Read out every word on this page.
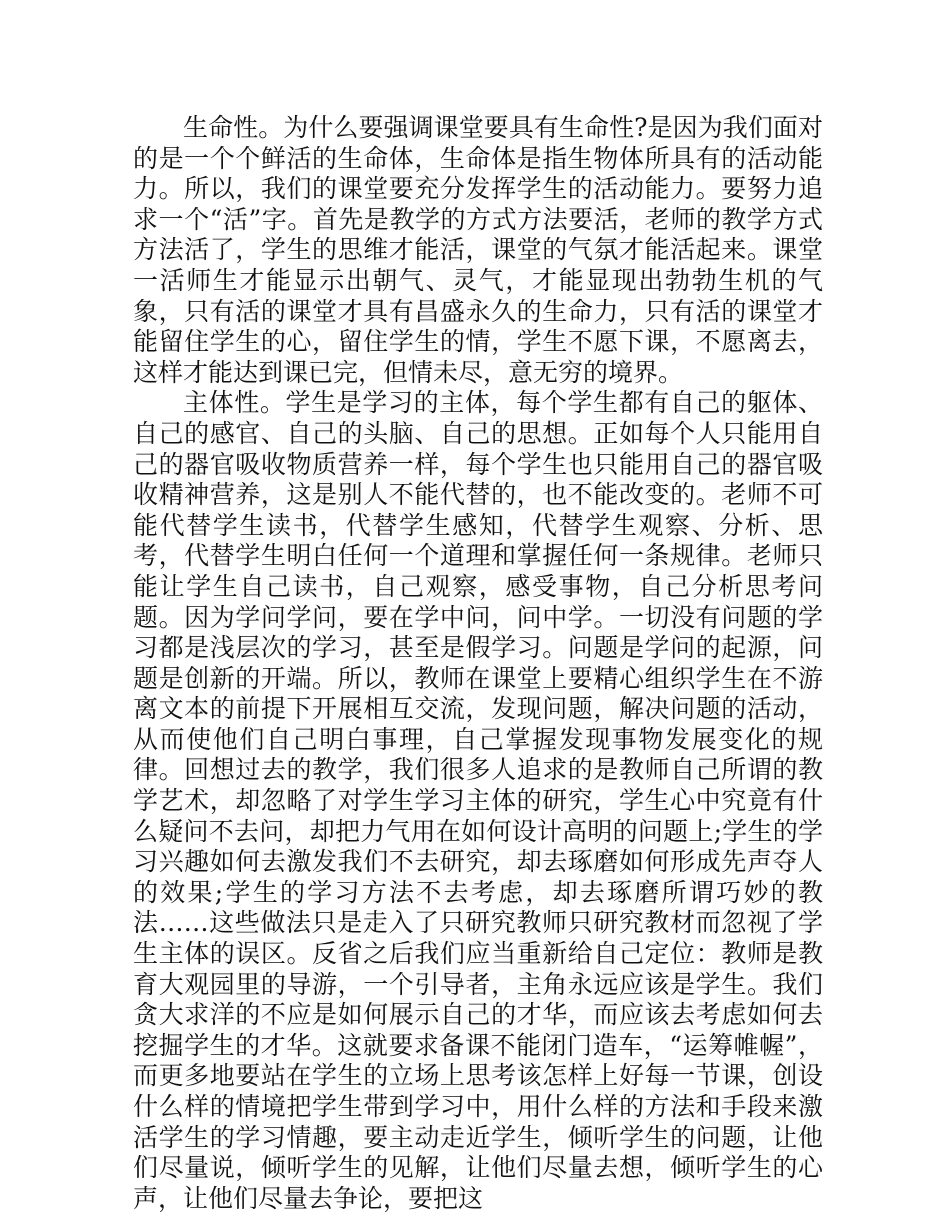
生命性。为什么要强调课堂要具有生命性?是因为我们面对的是一个个鲜活的生命体，生命体是指生物体所具有的活动能力。所以，我们的课堂要充分发挥学生的活动能力。要努力追求一个“活”字。首先是教学的方式方法要活，老师的教学方式方法活了，学生的思维才能活，课堂的气氛才能活起来。课堂一活师生才能显示出朝气、灵气，才能显现出勃勃生机的气象，只有活的课堂才具有昌盛永久的生命力，只有活的课堂才能留住学生的心，留住学生的情，学生不愿下课，不愿离去，这样才能达到课已完，但情未尽，意无穷的境界。

主体性。学生是学习的主体，每个学生都有自己的躯体、自己的感官、自己的头脑、自己的思想。正如每个人只能用自己的器官吸收物质营养一样，每个学生也只能用自己的器官吸收精神营养，这是别人不能代替的，也不能改变的。老师不可能代替学生读书，代替学生感知，代替学生观察、分析、思考，代替学生明白任何一个道理和掌握任何一条规律。老师只能让学生自己读书，自己观察，感受事物，自己分析思考问题。因为学问学问，要在学中问，问中学。一切没有问题的学习都是浅层次的学习，甚至是假学习。问题是学问的起源，问题是创新的开端。所以，教师在课堂上要精心组织学生在不游离文本的前提下开展相互交流，发现问题，解决问题的活动，从而使他们自己明白事理，自己掌握发现事物发展变化的规律。回想过去的教学，我们很多人追求的是教师自己所谓的教学艺术，却忽略了对学生学习主体的研究，学生心中究竟有什么疑问不去问，却把力气用在如何设计高明的问题上;学生的学习兴趣如何去激发我们不去研究，却去琢磨如何形成先声夺人的效果;学生的学习方法不去考虑，却去琢磨所谓巧妙的教法……这些做法只是走入了只研究教师只研究教材而忽视了学生主体的误区。反省之后我们应当重新给自己定位：教师是教育大观园里的导游，一个引导者，主角永远应该是学生。我们贪大求洋的不应是如何展示自己的才华，而应该去考虑如何去挖掘学生的才华。这就要求备课不能闭门造车，“运筹帷幄”，而更多地要站在学生的立场上思考该怎样上好每一节课，创设什么样的情境把学生带到学习中，用什么样的方法和手段来激活学生的学习情趣，要主动走近学生，倾听学生的问题，让他们尽量说，倾听学生的见解，让他们尽量去想，倾听学生的心声，让他们尽量去争论，要把这
